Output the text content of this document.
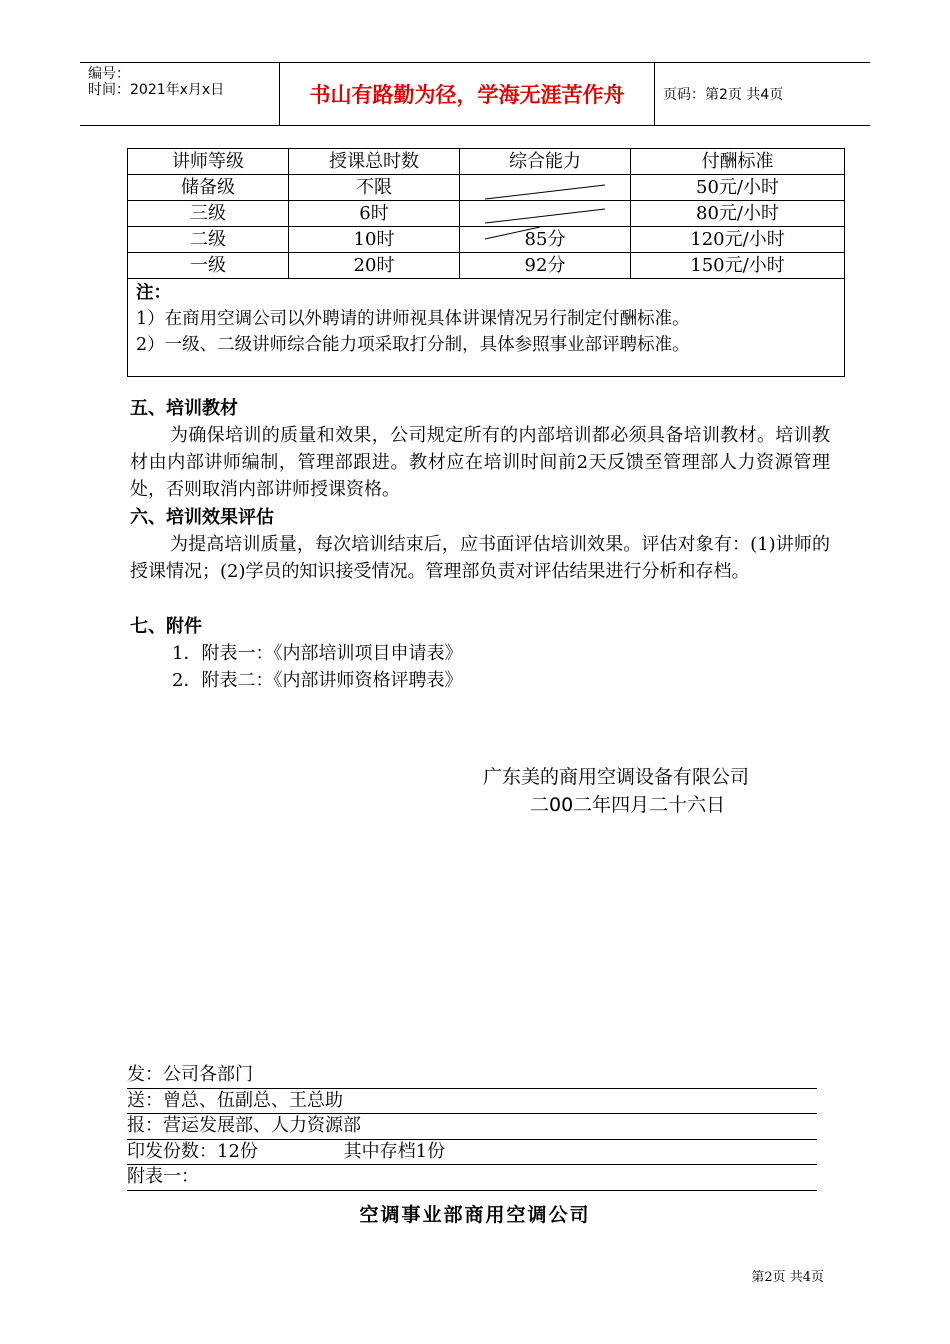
编号：
时间：2021年x月x日	书山有路勤为径，学海无涯苦作舟	页码：第2页 共4页
讲师等级	授课总时数	综合能力	付酬标准
储备级	不限		50元/小时
三级	6时		80元/小时
二级	10时	85分	120元/小时
一级	20时	92分	150元/小时
注：
1）在商用空调公司以外聘请的讲师视具体讲课情况另行制定付酬标准。
2）一级、二级讲师综合能力项采取打分制，具体参照事业部评聘标准。
五、培训教材

为确保培训的质量和效果，公司规定所有的内部培训都必须具备培训教材。培训教材由内部讲师编制，管理部跟进。教材应在培训时间前2天反馈至管理部人力资源管理处，否则取消内部讲师授课资格。

六、培训效果评估

为提高培训质量，每次培训结束后，应书面评估培训效果。评估对象有：(1)讲师的授课情况；(2)学员的知识接受情况。管理部负责对评估结果进行分析和存档。

七、附件
1．附表一：《内部培训项目申请表》
2．附表二：《内部讲师资格评聘表》
广东美的商用空调设备有限公司
二00二年四月二十六日
发：公司各部门
送：曾总、伍副总、王总助
报：营运发展部、人力资源部
印发份数：12份	其中存档1份
附表一：
空调事业部商用空调公司
第2页 共4页
